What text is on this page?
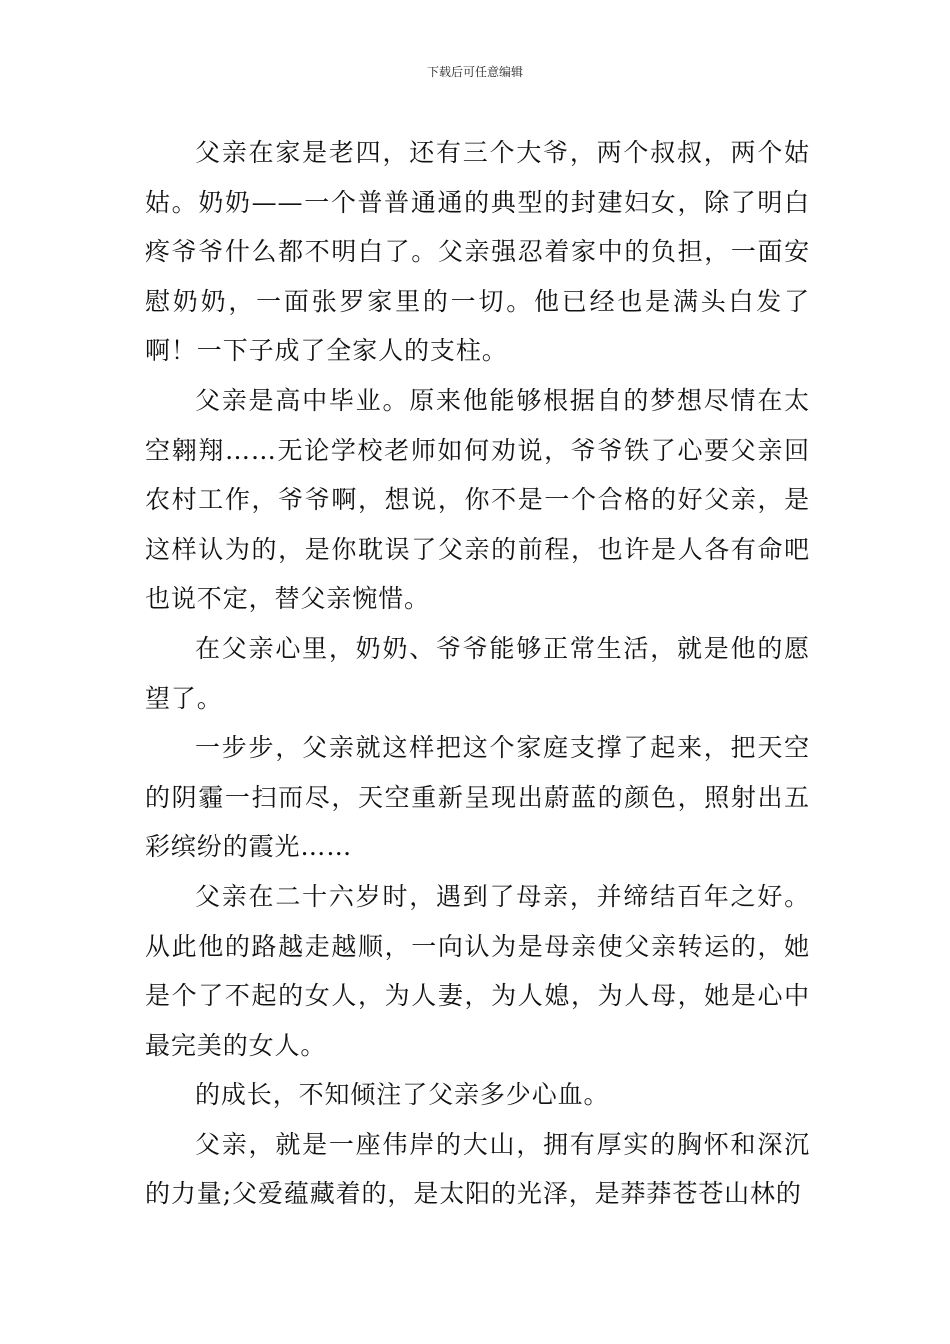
下载后可任意编辑

父亲在家是老四，还有三个大爷，两个叔叔，两个姑姑。奶奶——一个普普通通的典型的封建妇女，除了明白疼爷爷什么都不明白了。父亲强忍着家中的负担，一面安慰奶奶，一面张罗家里的一切。他已经也是满头白发了啊！一下子成了全家人的支柱。

父亲是高中毕业。原来他能够根据自的梦想尽情在太空翱翔……无论学校老师如何劝说，爷爷铁了心要父亲回农村工作，爷爷啊，想说，你不是一个合格的好父亲，是这样认为的，是你耽误了父亲的前程，也许是人各有命吧也说不定，替父亲惋惜。

在父亲心里，奶奶、爷爷能够正常生活，就是他的愿望了。

一步步，父亲就这样把这个家庭支撑了起来，把天空的阴霾一扫而尽，天空重新呈现出蔚蓝的颜色，照射出五彩缤纷的霞光……

父亲在二十六岁时，遇到了母亲，并缔结百年之好。从此他的路越走越顺，一向认为是母亲使父亲转运的，她是个了不起的女人，为人妻，为人媳，为人母，她是心中最完美的女人。

的成长，不知倾注了父亲多少心血。

父亲，就是一座伟岸的大山，拥有厚实的胸怀和深沉的力量;父爱蕴藏着的，是太阳的光泽，是莽莽苍苍山林的
